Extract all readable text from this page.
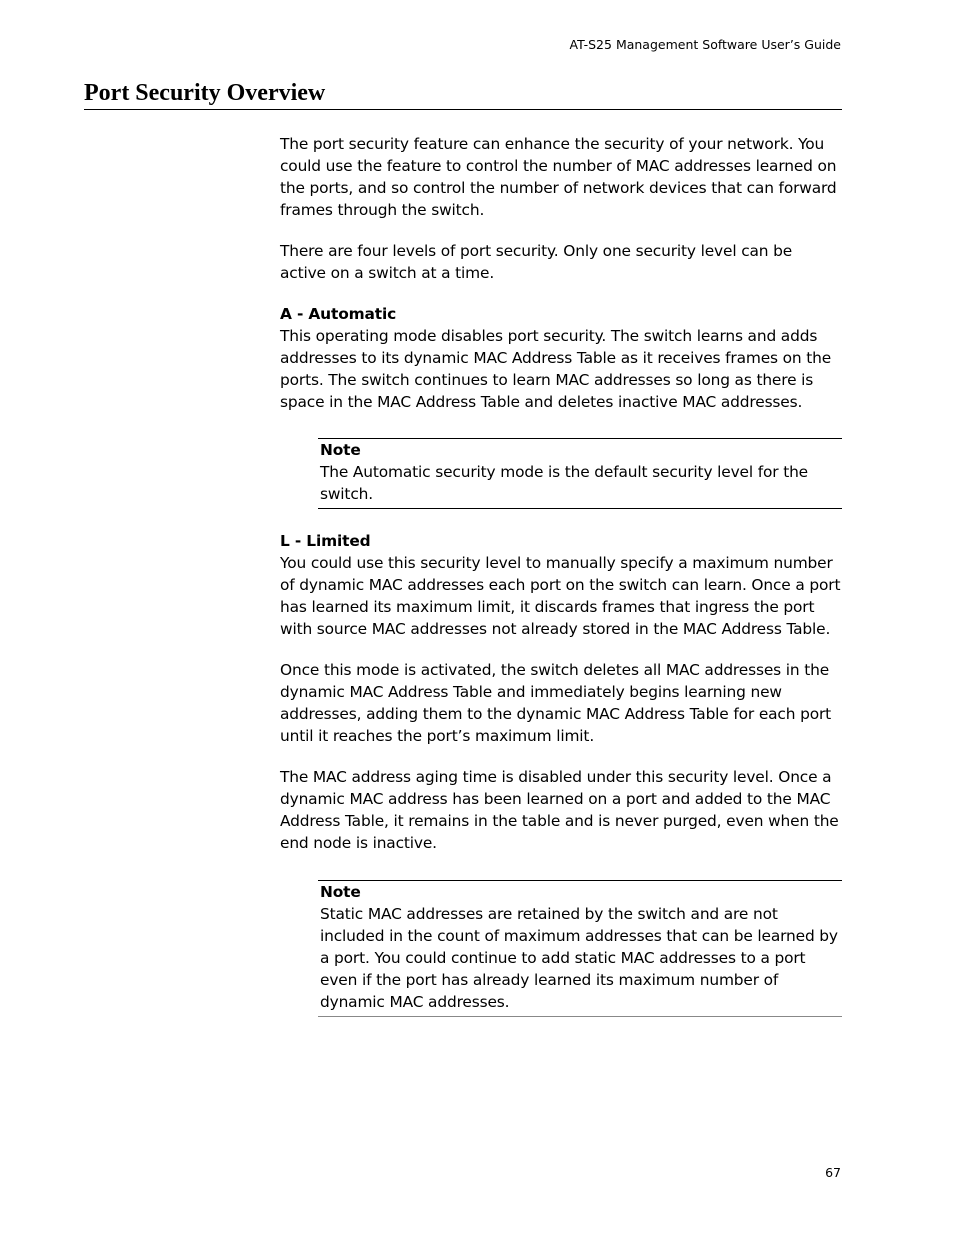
AT-S25 Management Software User’s Guide
Port Security Overview

The port security feature can enhance the security of your network. You could use the feature to control the number of MAC addresses learned on the ports, and so control the number of network devices that can forward frames through the switch.

There are four levels of port security. Only one security level can be active on a switch at a time.

A - Automatic

This operating mode disables port security. The switch learns and adds addresses to its dynamic MAC Address Table as it receives frames on the ports. The switch continues to learn MAC addresses so long as there is space in the MAC Address Table and deletes inactive MAC addresses.

Note

The Automatic security mode is the default security level for the switch.

L - Limited

You could use this security level to manually specify a maximum number of dynamic MAC addresses each port on the switch can learn. Once a port has learned its maximum limit, it discards frames that ingress the port with source MAC addresses not already stored in the MAC Address Table.

Once this mode is activated, the switch deletes all MAC addresses in the dynamic MAC Address Table and immediately begins learning new addresses, adding them to the dynamic MAC Address Table for each port until it reaches the port’s maximum limit.

The MAC address aging time is disabled under this security level. Once a dynamic MAC address has been learned on a port and added to the MAC Address Table, it remains in the table and is never purged, even when the end node is inactive.

Note

Static MAC addresses are retained by the switch and are not included in the count of maximum addresses that can be learned by a port. You could continue to add static MAC addresses to a port even if the port has already learned its maximum number of dynamic MAC addresses.

67
